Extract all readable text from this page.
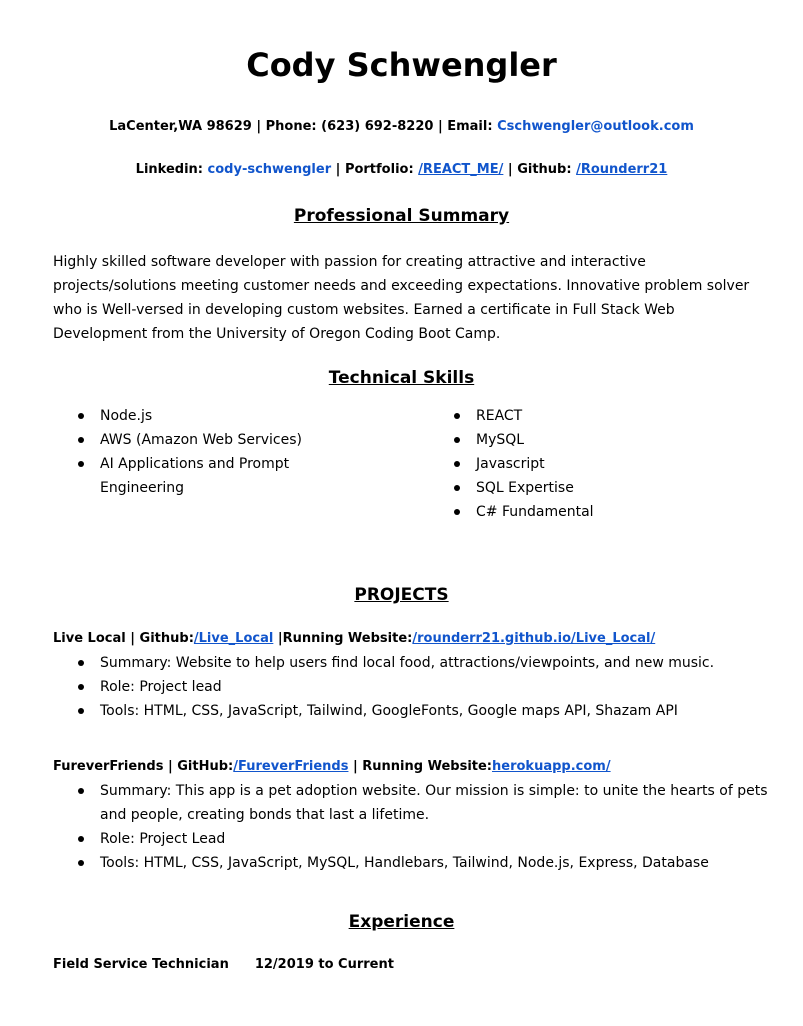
Cody Schwengler
LaCenter,WA 98629 | Phone: (623) 692-8220 | Email: Cschwengler@outlook.com
Linkedin: cody-schwengler | Portfolio: /REACT_ME/ | Github: /Rounderr21
Professional Summary

Highly skilled software developer with passion for creating attractive and interactive projects/solutions meeting customer needs and exceeding expectations. Innovative problem solver who is Well-versed in developing custom websites. Earned a certificate in Full Stack Web Development from the University of Oregon Coding Boot Camp.

Technical Skills
Node.js
AWS (Amazon Web Services)
AI Applications and Prompt Engineering
REACT
MySQL
Javascript
SQL Expertise
C# Fundamental
PROJECTS
Live Local | Github:/Live_Local |Running Website:/rounderr21.github.io/Live_Local/
Summary: Website to help users find local food, attractions/viewpoints, and new music.
Role: Project lead
Tools: HTML, CSS, JavaScript, Tailwind, GoogleFonts, Google maps API, Shazam API
FureverFriends | GitHub:/FureverFriends | Running Website:herokuapp.com/
Summary: This app is a pet adoption website. Our mission is simple: to unite the hearts of pets and people, creating bonds that last a lifetime.
Role: Project Lead
Tools: HTML, CSS, JavaScript, MySQL, Handlebars, Tailwind, Node.js, Express, Database
Experience
Field Service Technician 12/2019 to Current
